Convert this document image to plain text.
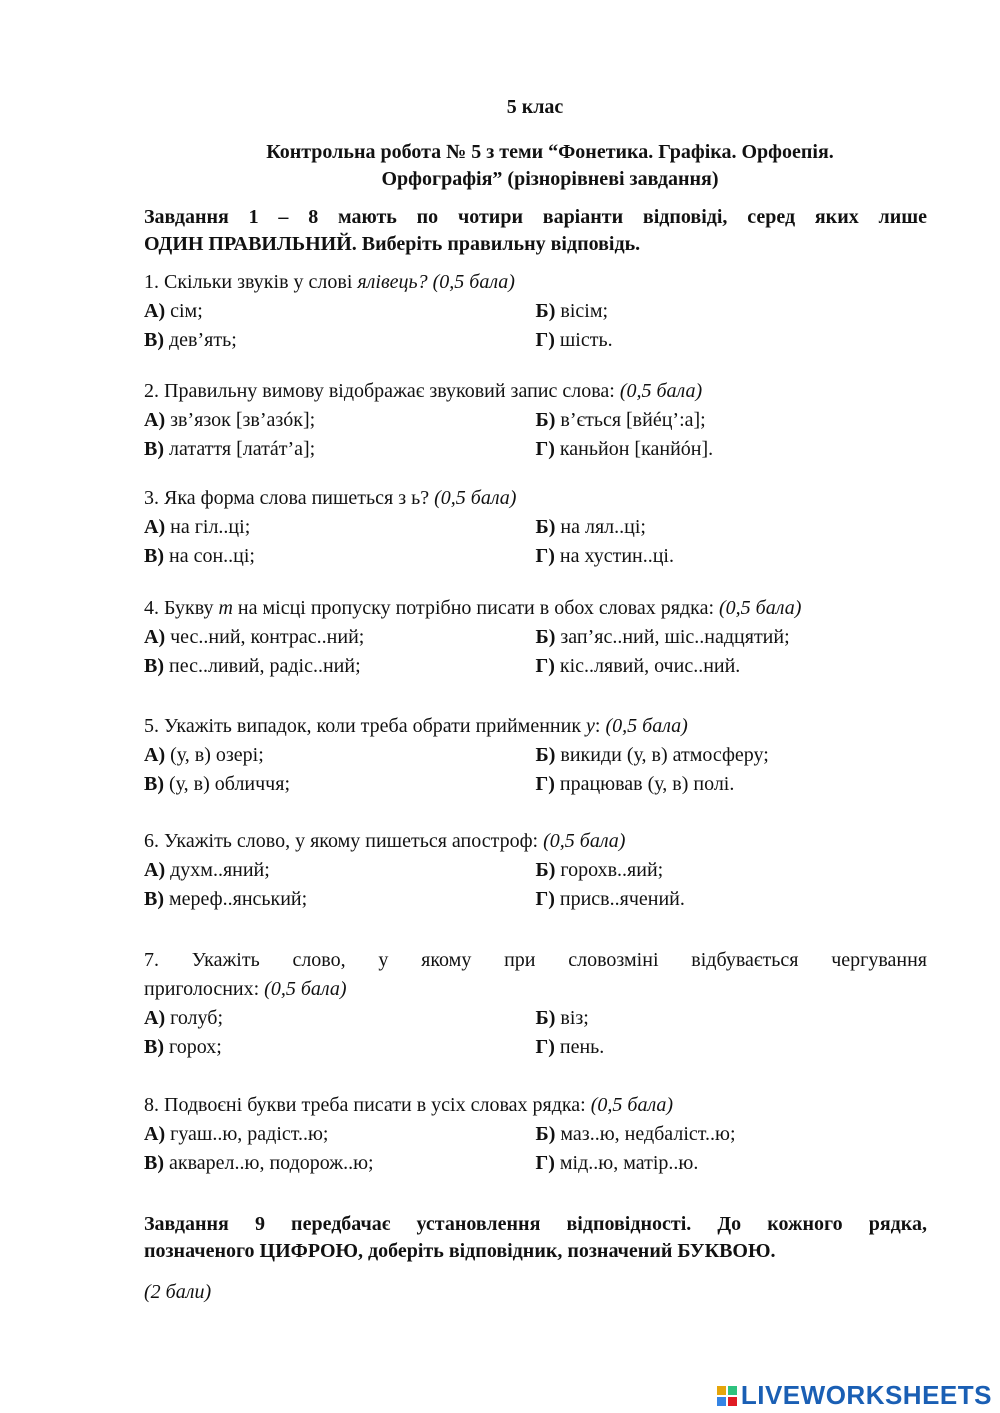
5 клас
Контрольна робота № 5 з теми “Фонетика. Графіка. Орфоепія.
Орфографія” (різнорівневі завдання)
Завдання 1 – 8 мають по чотири варіанти відповіді, серед яких лише
ОДИН ПРАВИЛЬНИЙ. Виберіть правильну відповідь.
1. Скільки звуків у слові ялівець? (0,5 бала)
А) сім;	Б) вісім;
В) дев’ять;	Г) шість.
2. Правильну вимову відображає звуковий запис слова: (0,5 бала)
А) зв’язок [зв’азóк];	Б) в’ється [вйéц’:а];
В) латаття [латáт’а];	Г) каньйон [канйóн].
3. Яка форма слова пишеться з ь? (0,5 бала)
А) на гіл..ці;	Б) на лял..ці;
В) на сон..ці;	Г) на хустин..ці.
4. Букву т на місці пропуску потрібно писати в обох словах рядка: (0,5 бала)
А) чес..ний, контрас..ний;	Б) зап’яс..ний, шіс..надцятий;
В) пес..ливий, радіс..ний;	Г) кіс..лявий, очис..ний.
5. Укажіть випадок, коли треба обрати прийменник у: (0,5 бала)
А) (у, в) озері;	Б) викиди (у, в) атмосферу;
В) (у, в) обличчя;	Г) працював (у, в) полі.
6. Укажіть слово, у якому пишеться апостроф: (0,5 бала)
А) духм..яний;	Б) горохв..яий;
В) мереф..янський;	Г) присв..ячений.
7. Укажіть слово, у якому при словозміні відбувається чергування
приголосних: (0,5 бала)
А) голуб;	Б) віз;
В) горох;	Г) пень.
8. Подвоєні букви треба писати в усіх словах рядка: (0,5 бала)
А) гуаш..ю, радіст..ю;	Б) маз..ю, недбаліст..ю;
В) акварел..ю, подорож..ю;	Г) мід..ю, матір..ю.
Завдання 9 передбачає установлення відповідності. До кожного рядка,
позначеного ЦИФРОЮ, доберіть відповідник, позначений БУКВОЮ.
(2 бали)
LIVEWORKSHEETS
